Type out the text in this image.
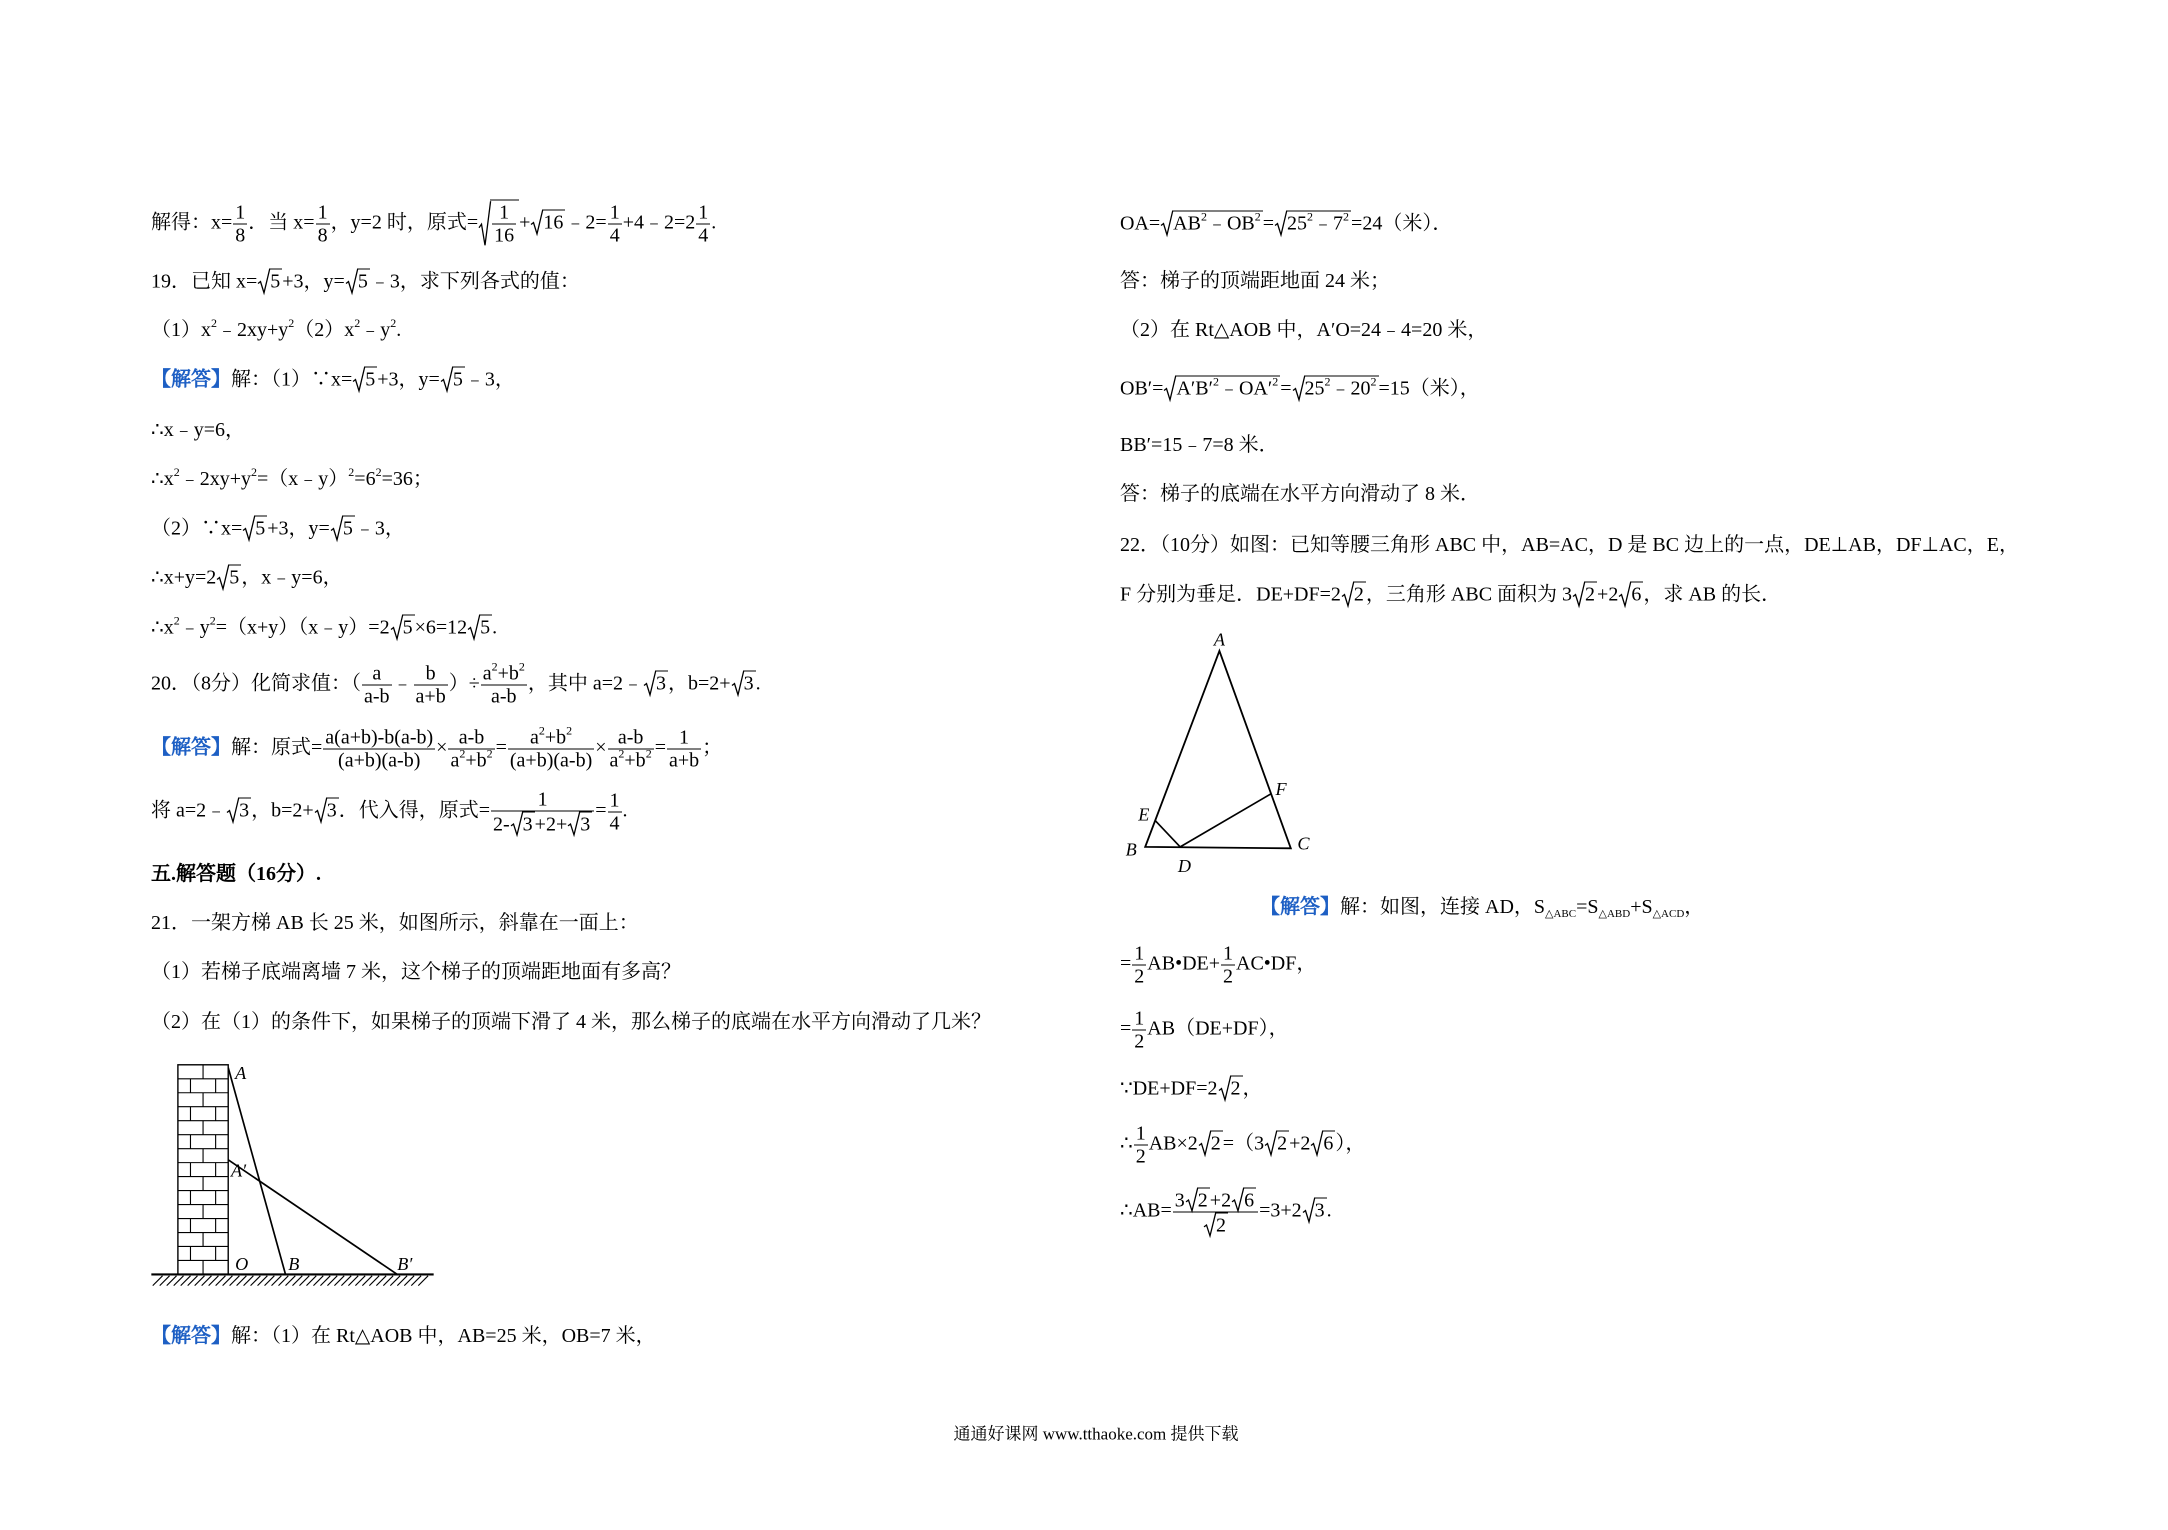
解得：$x= \frac{1}{8}$ ．当 $x= \frac{1}{8}$ ，y=2 时，原式= $\frac{1}{16} + 16$ ﹣2= $\frac{1}{4}$ +4﹣2=2 $\frac{1}{4}$ .
19．已知 x= 5 +3，y= 5 ﹣3，求下列各式的值：
$(1)x^2﹣2xy+y^2(2)x^2﹣y^2$.
【解答】解：（1）∵x= 5 +3，y= 5 ﹣3，
∴x﹣y=6，
$\therefore x^2﹣2xy+y^2=(x﹣y)^2=6^2=36$；
（2）∵x= 5 +3，y= 5 ﹣3，
∴x+y=2 5 ，x﹣y=6，
$\therefore x^2﹣y^2=(x+y)(x﹣y)=2$ 5 ×6=12 5 .
20．（8分）化简求值：（ $\frac{a}{a-b}$ ﹣ $\frac{b}{a+b}$ ）÷ $\frac{a^2+b^2}{a-b}$ ，其中 a=2﹣ 3 ，b=2+ 3 .
【解答】解：原式= $\frac{a(a+b)-b(a-b)}{(a+b)(a-b)} \times \frac{a-b}{a^2+b^2} = \frac{a^2+b^2}{(a+b)(a-b)} \times \frac{a-b}{a^2+b^2} = \frac{1}{a+b}$ ；
将 a=2﹣ 3 ，b=2+ 3 ．代入得，原式= $\frac{1}{2- 3 +2+ 3} = \frac{1}{4}$ .
五.解答题（16分）.
21．一架方梯 AB 长 25 米，如图所示，斜靠在一面上：
（1）若梯子底端离墙 7 米，这个梯子的顶端距地面有多高？
（2）在（1）的条件下，如果梯子的顶端下滑了 4 米，那么梯子的底端在水平方向滑动了几米？
A
A′
O	B	B′
【解答】解：（1）在 Rt△AOB 中，AB=25 米，OB=7 米，
$OA= AB^2﹣OB^2$ = $25^2﹣7^2 =24$（米）．
答：梯子的顶端距地面 24 米；
（2）在 Rt△AOB 中，A′O=24﹣4=20 米，
$OB'= A'B'^2﹣OA'^2$ = $25^2﹣20^2 =15$（米），
BB′=15﹣7=8 米．
答：梯子的底端在水平方向滑动了 8 米．
22．（10分）如图：已知等腰三角形 ABC 中，AB=AC，D 是 BC 边上的一点，DE⊥AB，DF⊥AC，E，
F 分别为垂足．DE+DF=2 2 ，三角形 ABC 面积为 3 2 +2 6 ，求 AB 的长．
A
B	C
D
E
F
【解答】解：如图，连接 AD，$S_{\triangle ABC}=S_{\triangle ABD}+S_{\triangle ACD}$，
= $\frac{1}{2}$ AB•DE+ $\frac{1}{2}$ AC•DF，
= $\frac{1}{2} AB(DE+DF)$，
∵DE+DF=2 2 ，
∴ $\frac{1}{2} AB\times 2$ 2 =（3 2 +2 6 ），
∴AB= $\frac{3 2 +2 6}{2} =3+2$ 3 .
通通好课网 www.tthaoke.com 提供下载
